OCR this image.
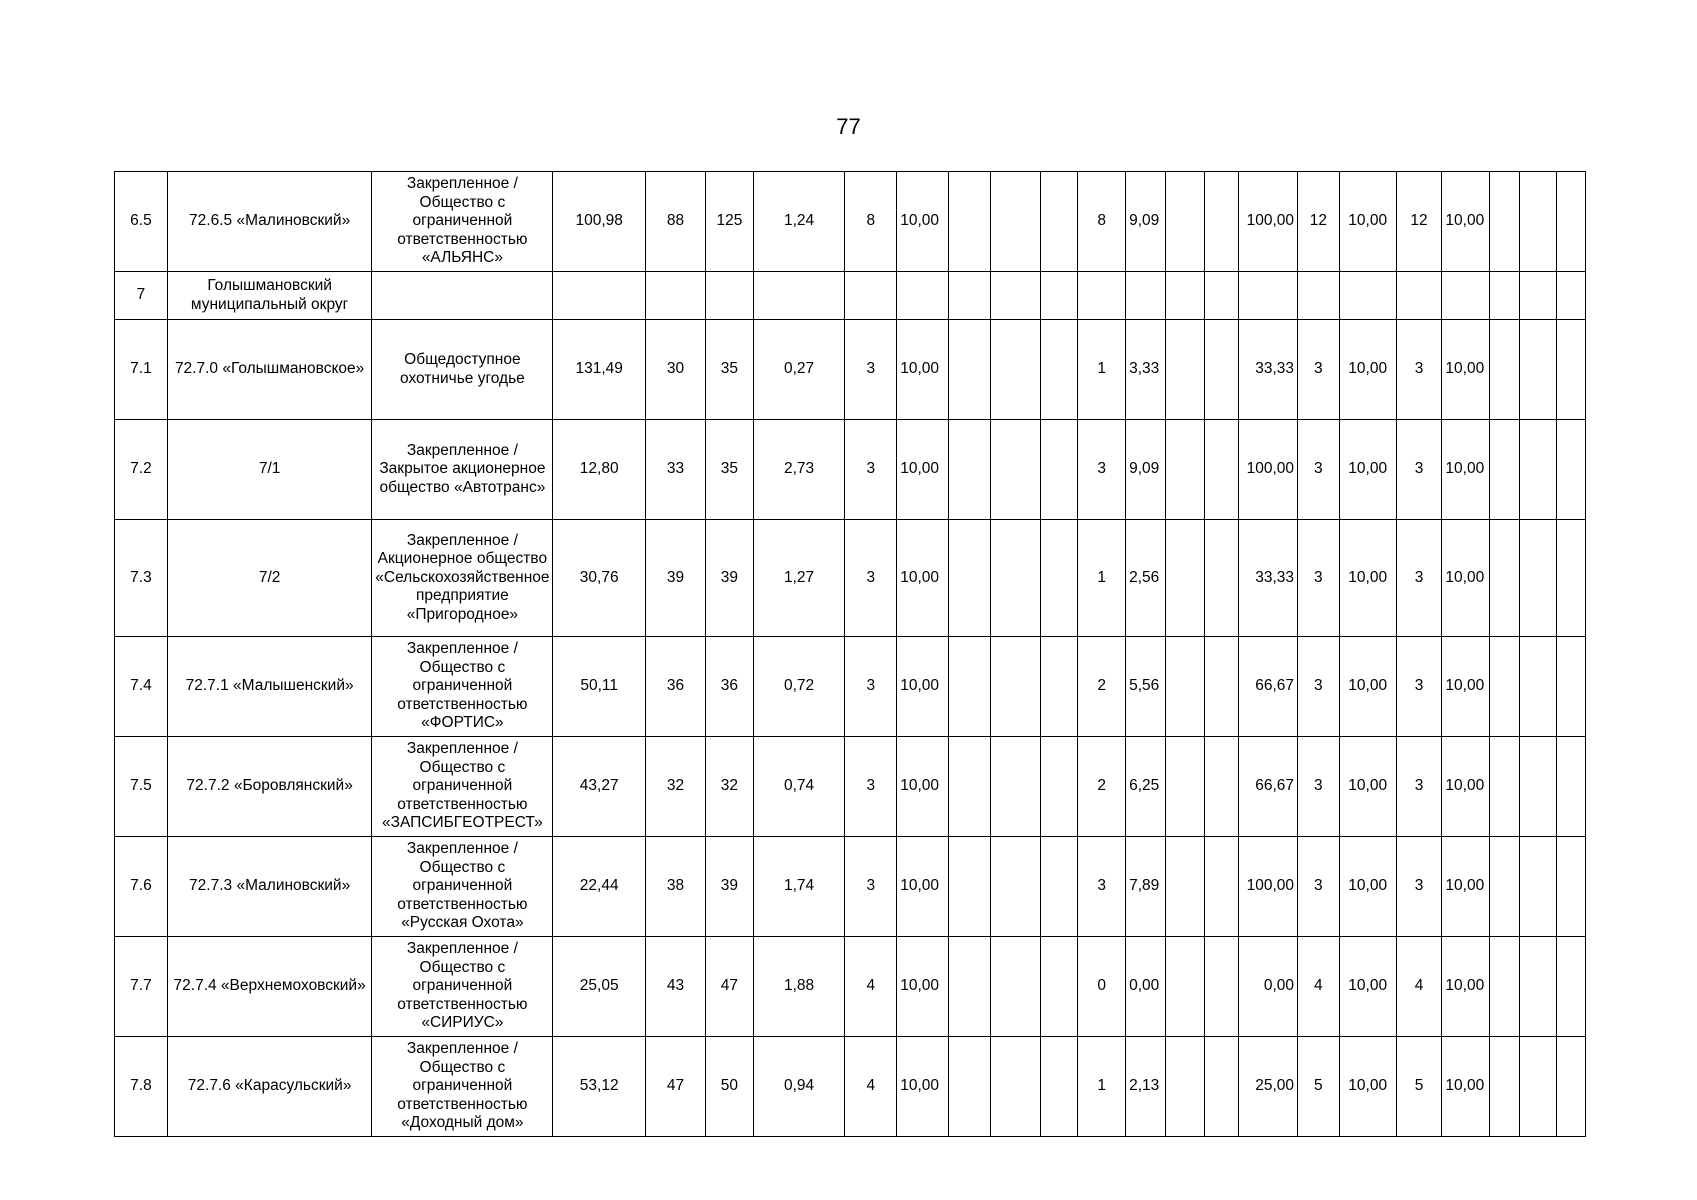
77
6.5	72.6.5 «Малиновский»	Закрепленное / Общество с ограниченной ответственностью «АЛЬЯНС»	100,98	88	125	1,24	8	10,00				8	9,09			100,00	12	10,00	12	10,00			
7	Голышмановский муниципальный округ																						
7.1	72.7.0 «Голышмановское»	Общедоступное охотничье угодье	131,49	30	35	0,27	3	10,00				1	3,33			33,33	3	10,00	3	10,00			
7.2	7/1	Закрепленное / Закрытое акционерное общество «Автотранс»	12,80	33	35	2,73	3	10,00				3	9,09			100,00	3	10,00	3	10,00			
7.3	7/2	Закрепленное / Акционерное общество «Сельскохозяйственное предприятие «Пригородное»	30,76	39	39	1,27	3	10,00				1	2,56			33,33	3	10,00	3	10,00			
7.4	72.7.1 «Малышенский»	Закрепленное / Общество с ограниченной ответственностью «ФОРТИС»	50,11	36	36	0,72	3	10,00				2	5,56			66,67	3	10,00	3	10,00			
7.5	72.7.2 «Боровлянский»	Закрепленное / Общество с ограниченной ответственностью «ЗАПСИБГЕОТРЕСТ»	43,27	32	32	0,74	3	10,00				2	6,25			66,67	3	10,00	3	10,00			
7.6	72.7.3 «Малиновский»	Закрепленное / Общество с ограниченной ответственностью «Русская Охота»	22,44	38	39	1,74	3	10,00				3	7,89			100,00	3	10,00	3	10,00			
7.7	72.7.4 «Верхнемоховский»	Закрепленное / Общество с ограниченной ответственностью «СИРИУС»	25,05	43	47	1,88	4	10,00				0	0,00			0,00	4	10,00	4	10,00			
7.8	72.7.6 «Карасульский»	Закрепленное / Общество с ограниченной ответственностью «Доходный дом»	53,12	47	50	0,94	4	10,00				1	2,13			25,00	5	10,00	5	10,00			
